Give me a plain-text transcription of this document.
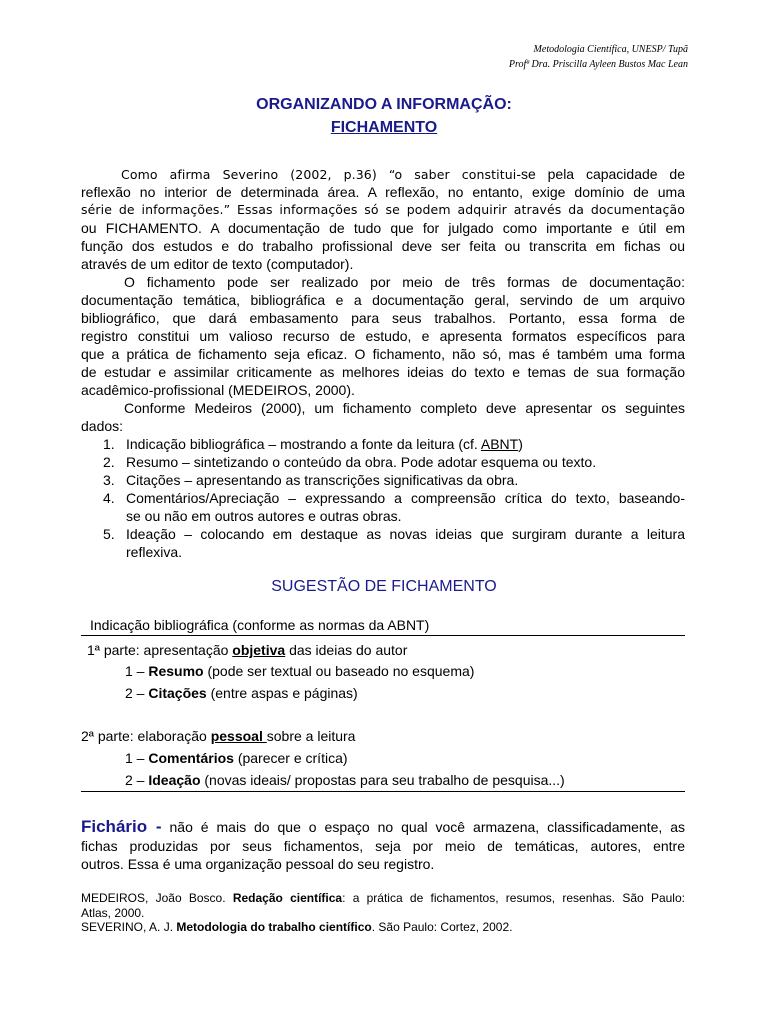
Metodologia Científica, UNESP/ Tupã
Profª Dra. Priscilla Ayleen Bustos Mac Lean
ORGANIZANDO A INFORMAÇÃO:
FICHAMENTO
Como afirma Severino (2002, p.36) “o saber constitui-se pela capacidade de
reflexão no interior de determinada área. A reflexão, no entanto, exige domínio de uma
série de informações.” Essas informações só se podem adquirir através da documentação
ou FICHAMENTO. A documentação de tudo que for julgado como importante e útil em
função dos estudos e do trabalho profissional deve ser feita ou transcrita em fichas ou
através de um editor de texto (computador).
O fichamento pode ser realizado por meio de três formas de documentação:
documentação temática, bibliográfica e a documentação geral, servindo de um arquivo
bibliográfico, que dará embasamento para seus trabalhos. Portanto, essa forma de
registro constitui um valioso recurso de estudo, e apresenta formatos específicos para
que a prática de fichamento seja eficaz. O fichamento, não só, mas é também uma forma
de estudar e assimilar criticamente as melhores ideias do texto e temas de sua formação
acadêmico-profissional (MEDEIROS, 2000).
Conforme Medeiros (2000), um fichamento completo deve apresentar os seguintes
dados:
1. Indicação bibliográfica – mostrando a fonte da leitura (cf. ABNT)
2. Resumo – sintetizando o conteúdo da obra. Pode adotar esquema ou texto.
3. Citações – apresentando as transcrições significativas da obra.
4. Comentários/Apreciação – expressando a compreensão crítica do texto, baseando-
se ou não em outros autores e outras obras.
5. Ideação – colocando em destaque as novas ideias que surgiram durante a leitura
reflexiva.
SUGESTÃO DE FICHAMENTO
Indicação bibliográfica (conforme as normas da ABNT)
1ª parte: apresentação objetiva das ideias do autor
1 – Resumo (pode ser textual ou baseado no esquema)
2 – Citações (entre aspas e páginas)
2ª parte: elaboração pessoal sobre a leitura
1 – Comentários (parecer e crítica)
2 – Ideação (novas ideais/ propostas para seu trabalho de pesquisa...)
Fichário - não é mais do que o espaço no qual você armazena, classificadamente, as
fichas produzidas por seus fichamentos, seja por meio de temáticas, autores, entre
outros. Essa é uma organização pessoal do seu registro.
MEDEIROS, João Bosco. Redação científica: a prática de fichamentos, resumos, resenhas. São Paulo:
Atlas, 2000.
SEVERINO, A. J. Metodologia do trabalho científico. São Paulo: Cortez, 2002.
